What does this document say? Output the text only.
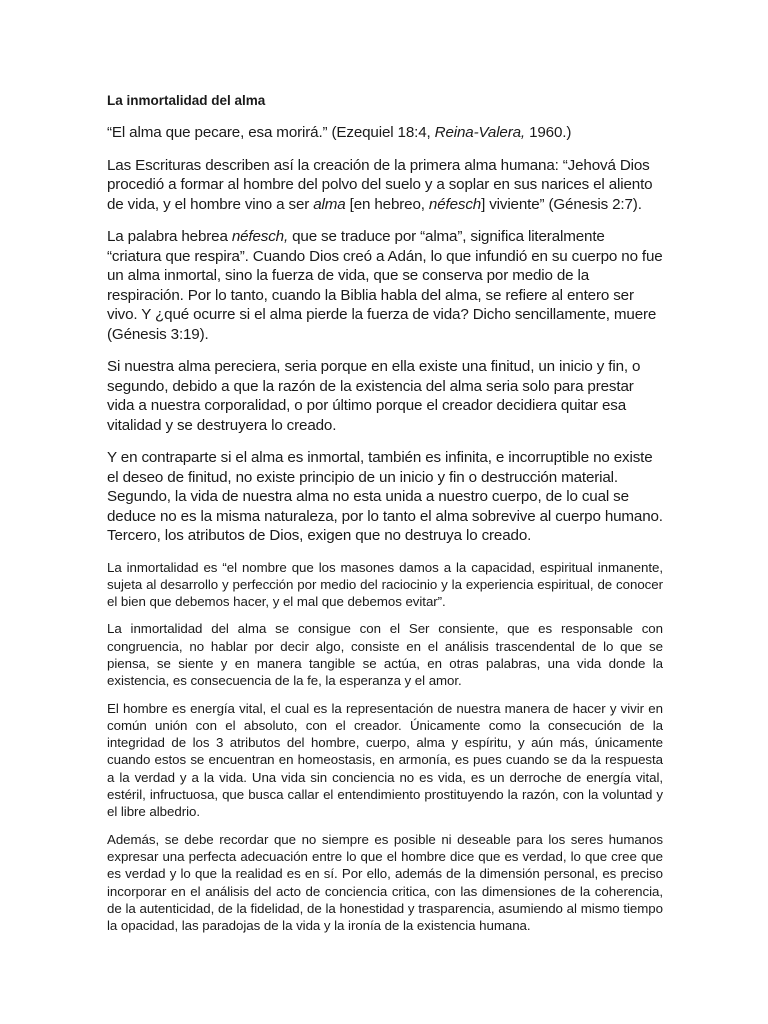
La inmortalidad del alma

“El alma que pecare, esa morirá.” (Ezequiel 18:4, Reina-Valera, 1960.)

Las Escrituras describen así la creación de la primera alma humana: “Jehová Dios procedió a formar al hombre del polvo del suelo y a soplar en sus narices el aliento de vida, y el hombre vino a ser alma [en hebreo, néfesch] viviente” (Génesis 2:7).

La palabra hebrea néfesch, que se traduce por “alma”, significa literalmente “criatura que respira”. Cuando Dios creó a Adán, lo que infundió en su cuerpo no fue un alma inmortal, sino la fuerza de vida, que se conserva por medio de la respiración. Por lo tanto, cuando la Biblia habla del alma, se refiere al entero ser vivo. Y ¿qué ocurre si el alma pierde la fuerza de vida? Dicho sencillamente, muere (Génesis 3:19).

Si nuestra alma pereciera, seria porque en ella existe una finitud, un inicio y fin, o segundo, debido a que la razón de la existencia del alma seria solo para prestar vida a nuestra corporalidad, o por último porque el creador decidiera quitar esa vitalidad y se destruyera lo creado.

Y en contraparte si el alma es inmortal, también es infinita, e incorruptible no existe el deseo de finitud, no existe principio de un inicio y fin o destrucción material. Segundo, la vida de nuestra alma no esta unida a nuestro cuerpo, de lo cual se deduce no es la misma naturaleza, por lo tanto el alma sobrevive al cuerpo humano. Tercero, los atributos de Dios, exigen que no destruya lo creado.

La inmortalidad es “el nombre que los masones damos a la capacidad, espiritual inmanente, sujeta al desarrollo y perfección por medio del raciocinio y la experiencia espiritual, de conocer el bien que debemos hacer, y el mal que debemos evitar”.

La inmortalidad del alma se consigue con el Ser consiente, que es responsable con congruencia, no hablar por decir algo, consiste en el análisis trascendental de lo que se piensa, se siente y en manera tangible se actúa, en otras palabras, una vida donde la existencia, es consecuencia de la fe, la esperanza y el amor.

El hombre es energía vital, el cual es la representación de nuestra manera de hacer y vivir en común unión con el absoluto, con el creador. Únicamente como la consecución de la integridad de los 3 atributos del hombre, cuerpo, alma y espíritu, y aún más, únicamente cuando estos se encuentran en homeostasis, en armonía, es pues cuando se da la respuesta a la verdad y a la vida. Una vida sin conciencia no es vida, es un derroche de energía vital, estéril, infructuosa, que busca callar el entendimiento prostituyendo la razón, con la voluntad y el libre albedrio.

Además, se debe recordar que no siempre es posible ni deseable para los seres humanos expresar una perfecta adecuación entre lo que el hombre dice que es verdad, lo que cree que es verdad y lo que la realidad es en sí. Por ello, además de la dimensión personal, es preciso incorporar en el análisis del acto de conciencia critica, con las dimensiones de la coherencia, de la autenticidad, de la fidelidad, de la honestidad y trasparencia, asumiendo al mismo tiempo la opacidad, las paradojas de la vida y la ironía de la existencia humana.
